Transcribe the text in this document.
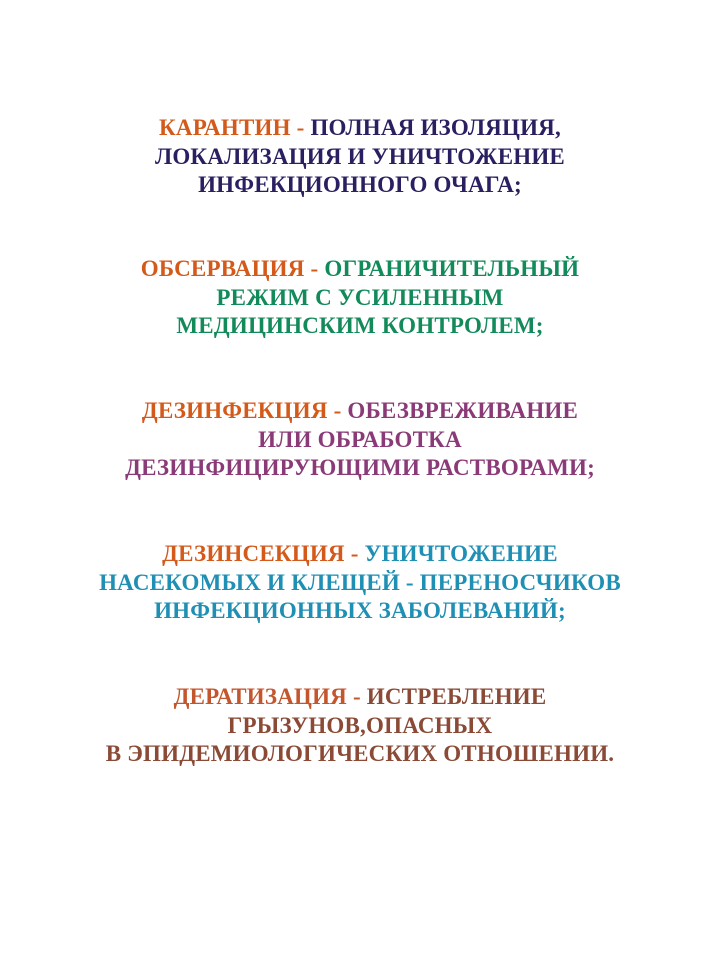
КАРАНТИН - ПОЛНАЯ ИЗОЛЯЦИЯ,
ЛОКАЛИЗАЦИЯ И УНИЧТОЖЕНИЕ
ИНФЕКЦИОННОГО ОЧАГА;
ОБСЕРВАЦИЯ - ОГРАНИЧИТЕЛЬНЫЙ
РЕЖИМ С УСИЛЕННЫМ
МЕДИЦИНСКИМ КОНТРОЛЕМ;
ДЕЗИНФЕКЦИЯ - ОБЕЗВРЕЖИВАНИЕ
ИЛИ ОБРАБОТКА
ДЕЗИНФИЦИРУЮЩИМИ РАСТВОРАМИ;
ДЕЗИНСЕКЦИЯ - УНИЧТОЖЕНИЕ
НАСЕКОМЫХ И КЛЕЩЕЙ - ПЕРЕНОСЧИКОВ
ИНФЕКЦИОННЫХ ЗАБОЛЕВАНИЙ;
ДЕРАТИЗАЦИЯ - ИСТРЕБЛЕНИЕ
ГРЫЗУНОВ,ОПАСНЫХ
В ЭПИДЕМИОЛОГИЧЕСКИХ ОТНОШЕНИИ.
